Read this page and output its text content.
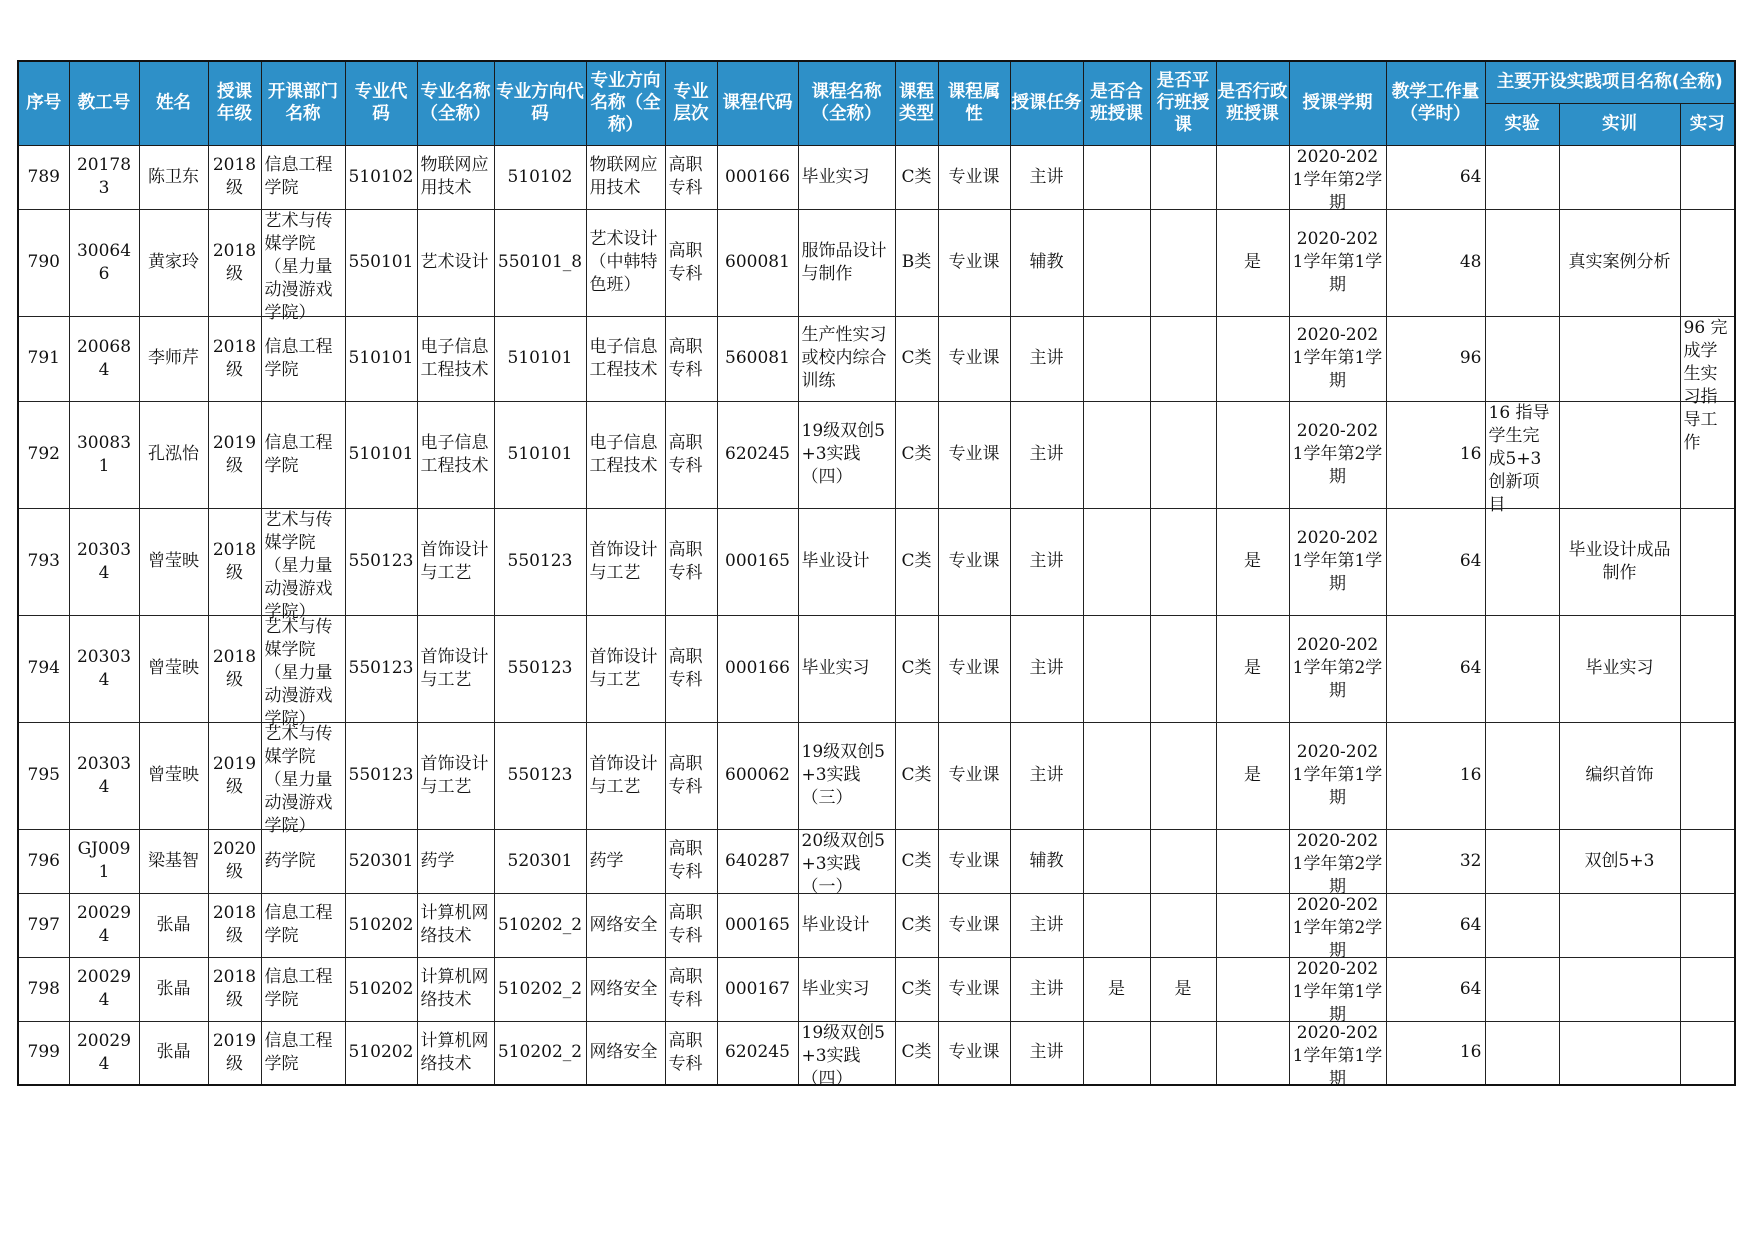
序号	教工号	姓名	授课年级	开课部门名称	专业代码	专业名称（全称）	专业方向代码	专业方向名称（全称）	专业层次	课程代码	课程名称（全称）	课程类型	课程属性	授课任务	是否合班授课	是否平行班授课	是否行政班授课	授课学期	教学工作量（学时）	主要开设实践项目名称(全称)		
																				实验	实训	实习

789	201783	陈卫东	2018级	信息工程学院	510102	物联网应用技术	510102	物联网应用技术	高职专科	000166	毕业实习	C类	专业课	主讲				2020-2021学年第2学期	64			

790	300646	黄家玲	2018级	艺术与传媒学院（星力量动漫游戏学院）	550101	艺术设计	550101_8	艺术设计（中韩特色班）	高职专科	600081	服饰品设计与制作	B类	专业课	辅教			是	2020-2021学年第1学期	48		真实案例分析	

791	200684	李师芹	2018级	信息工程学院	510101	电子信息工程技术	510101	电子信息工程技术	高职专科	560081	生产性实习或校内综合训练	C类	专业课	主讲				2020-2021学年第1学期	96			96 完成学生实习指导工作

792	300831	孔泓怡	2019级	信息工程学院	510101	电子信息工程技术	510101	电子信息工程技术	高职专科	620245	19级双创5+3实践（四）	C类	专业课	主讲				2020-2021学年第2学期	16	16 指导学生完成5+3创新项目		

793	203034	曾莹映	2018级	艺术与传媒学院（星力量动漫游戏学院）	550123	首饰设计与工艺	550123	首饰设计与工艺	高职专科	000165	毕业设计	C类	专业课	主讲			是	2020-2021学年第1学期	64		毕业设计成品制作	

794	203034	曾莹映	2018级	艺术与传媒学院（星力量动漫游戏学院）	550123	首饰设计与工艺	550123	首饰设计与工艺	高职专科	000166	毕业实习	C类	专业课	主讲			是	2020-2021学年第2学期	64		毕业实习	

795	203034	曾莹映	2019级	艺术与传媒学院（星力量动漫游戏学院）	550123	首饰设计与工艺	550123	首饰设计与工艺	高职专科	600062	19级双创5+3实践（三）	C类	专业课	主讲			是	2020-2021学年第1学期	16		编织首饰	

796	GJ0091	梁基智	2020级	药学院	520301	药学	520301	药学	高职专科	640287	20级双创5+3实践（一）	C类	专业课	辅教				2020-2021学年第2学期	32		双创5+3	

797	200294	张晶	2018级	信息工程学院	510202	计算机网络技术	510202_2	网络安全	高职专科	000165	毕业设计	C类	专业课	主讲				2020-2021学年第2学期	64			

798	200294	张晶	2018级	信息工程学院	510202	计算机网络技术	510202_2	网络安全	高职专科	000167	毕业实习	C类	专业课	主讲	是	是		2020-2021学年第1学期	64			

799	200294	张晶	2019级	信息工程学院	510202	计算机网络技术	510202_2	网络安全	高职专科	620245	19级双创5+3实践（四）	C类	专业课	主讲				2020-2021学年第1学期	16			
